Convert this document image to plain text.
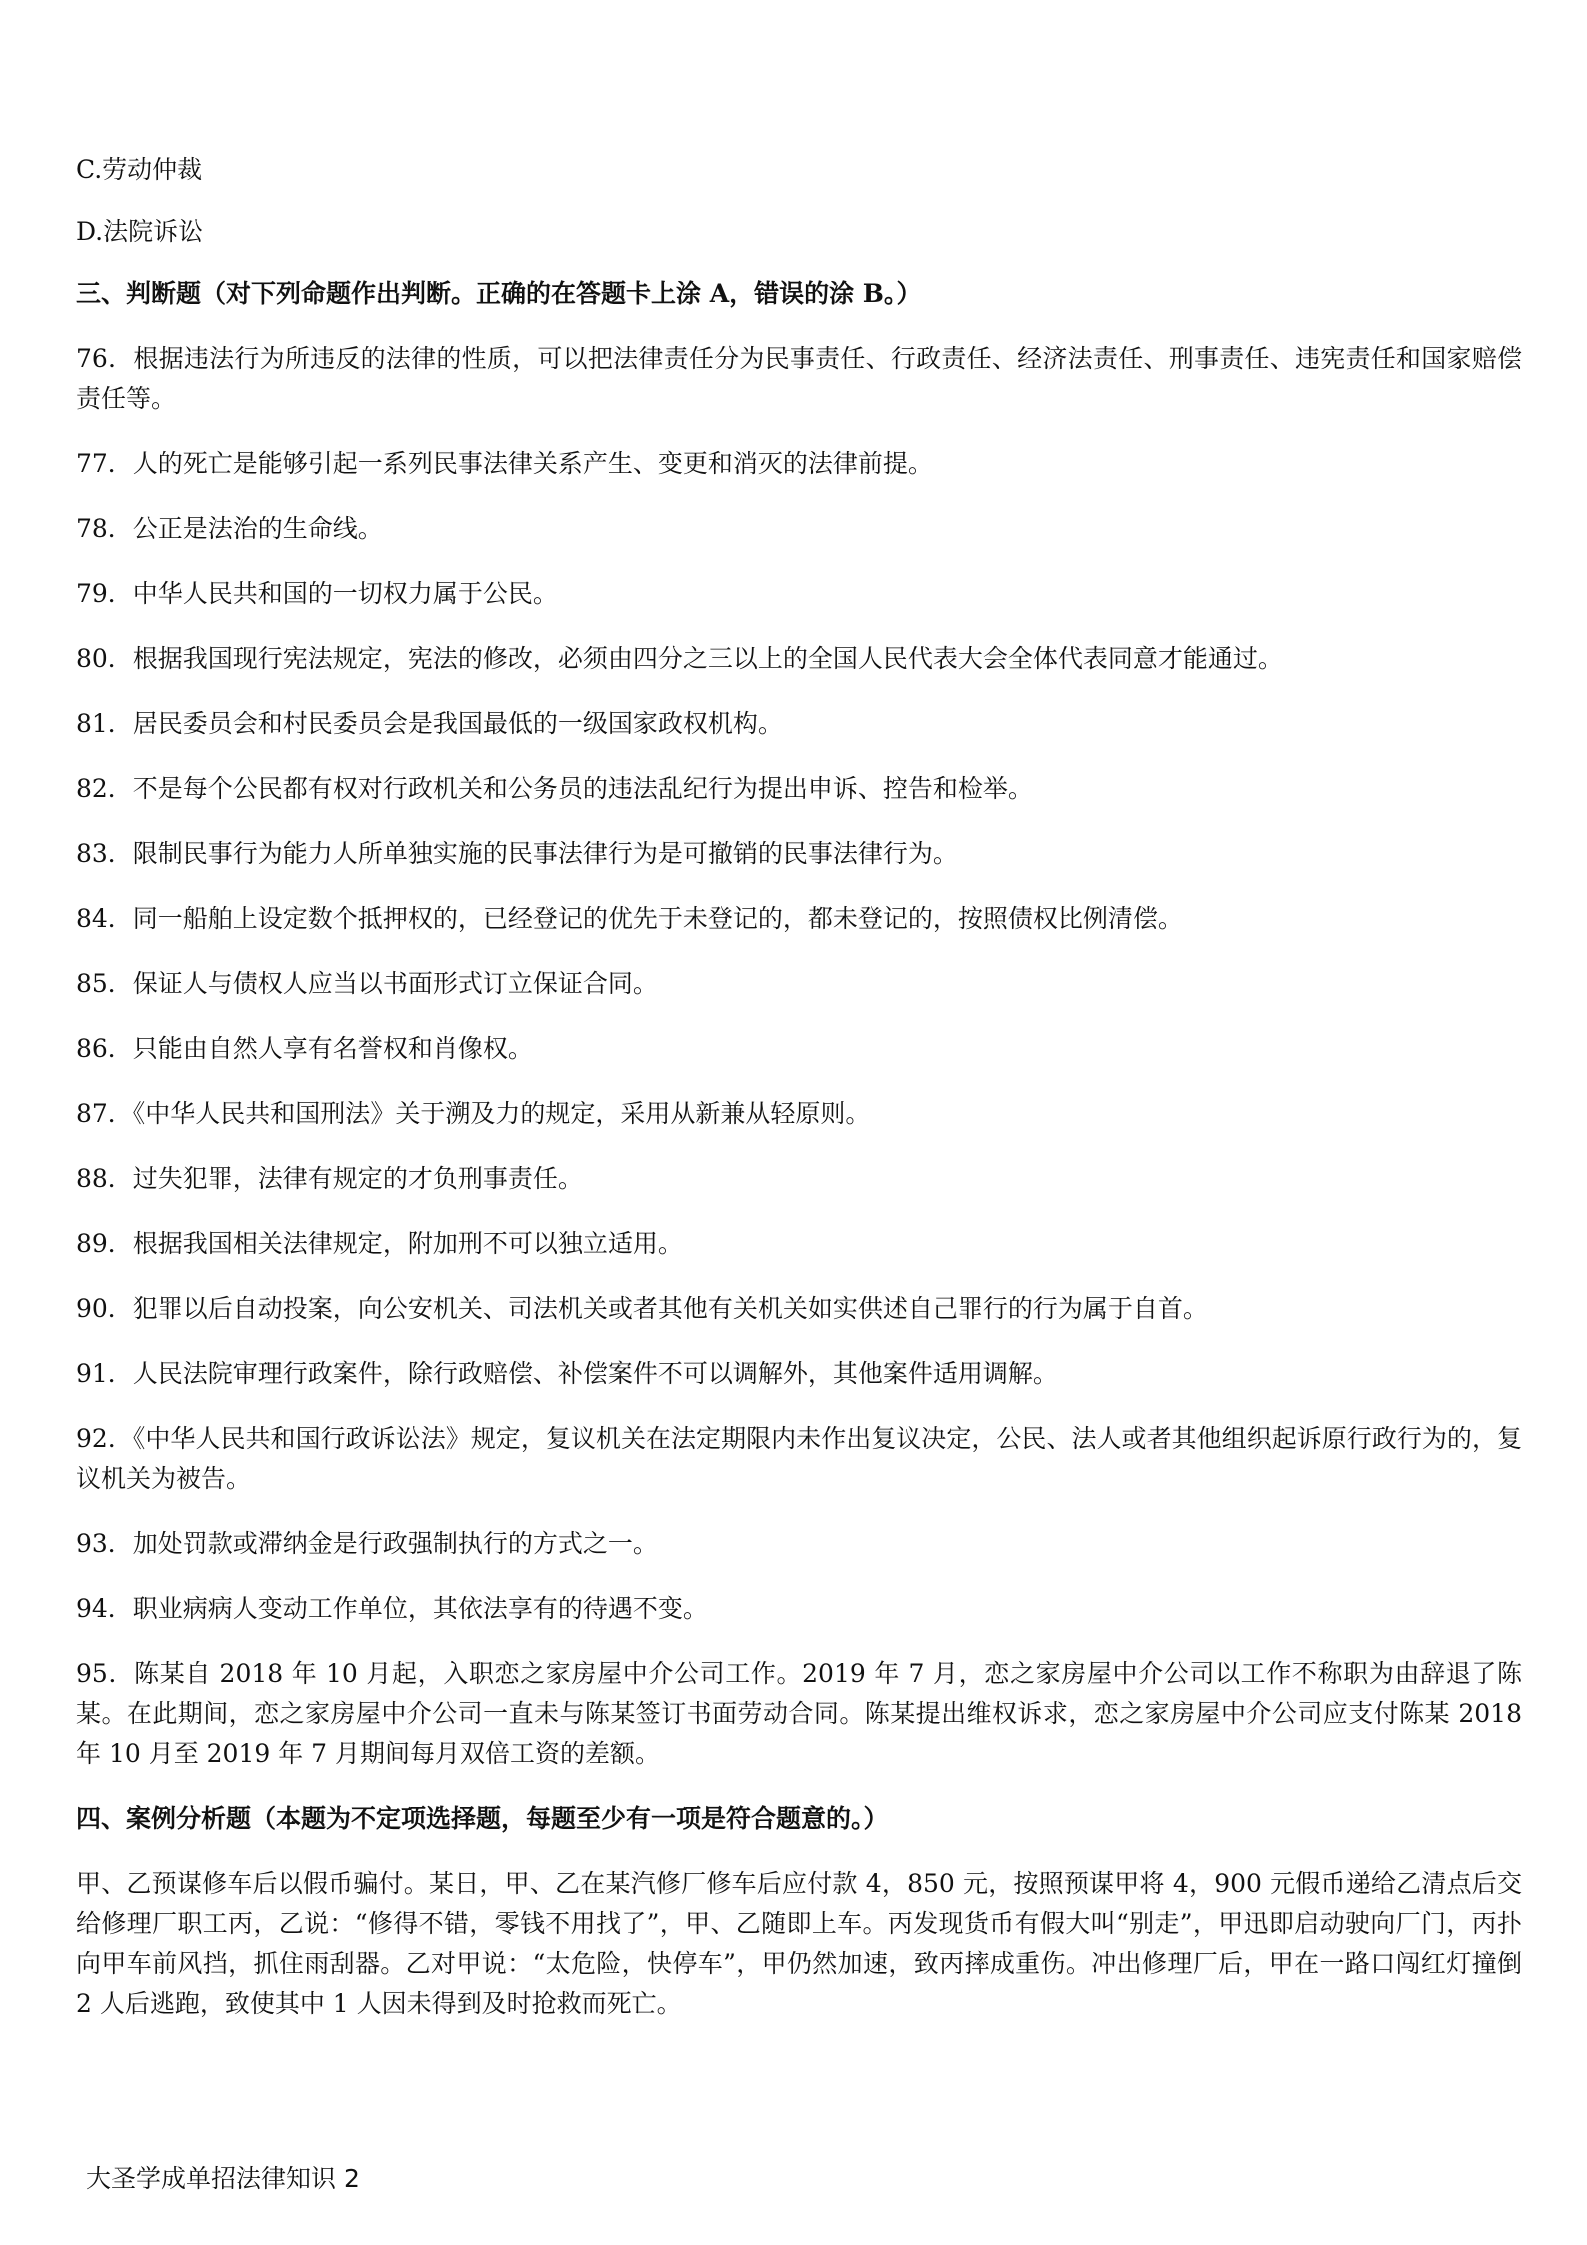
C.劳动仲裁

D.法院诉讼

三、判断题（对下列命题作出判断。正确的在答题卡上涂 A，错误的涂 B。）

76．根据违法行为所违反的法律的性质，可以把法律责任分为民事责任、行政责任、经济法责任、刑事责任、违宪责任和国家赔偿责任等。

77．人的死亡是能够引起一系列民事法律关系产生、变更和消灭的法律前提。

78．公正是法治的生命线。

79．中华人民共和国的一切权力属于公民。

80．根据我国现行宪法规定，宪法的修改，必须由四分之三以上的全国人民代表大会全体代表同意才能通过。

81．居民委员会和村民委员会是我国最低的一级国家政权机构。

82．不是每个公民都有权对行政机关和公务员的违法乱纪行为提出申诉、控告和检举。

83．限制民事行为能力人所单独实施的民事法律行为是可撤销的民事法律行为。

84．同一船舶上设定数个抵押权的，已经登记的优先于未登记的，都未登记的，按照债权比例清偿。

85．保证人与债权人应当以书面形式订立保证合同。

86．只能由自然人享有名誉权和肖像权。

87．《中华人民共和国刑法》关于溯及力的规定，采用从新兼从轻原则。

88．过失犯罪，法律有规定的才负刑事责任。

89．根据我国相关法律规定，附加刑不可以独立适用。

90．犯罪以后自动投案，向公安机关、司法机关或者其他有关机关如实供述自己罪行的行为属于自首。

91．人民法院审理行政案件，除行政赔偿、补偿案件不可以调解外，其他案件适用调解。

92．《中华人民共和国行政诉讼法》规定，复议机关在法定期限内未作出复议决定，公民、法人或者其他组织起诉原行政行为的，复议机关为被告。

93．加处罚款或滞纳金是行政强制执行的方式之一。

94．职业病病人变动工作单位，其依法享有的待遇不变。

95．陈某自 2018 年 10 月起，入职恋之家房屋中介公司工作。2019 年 7 月，恋之家房屋中介公司以工作不称职为由辞退了陈某。在此期间，恋之家房屋中介公司一直未与陈某签订书面劳动合同。陈某提出维权诉求，恋之家房屋中介公司应支付陈某 2018 年 10 月至 2019 年 7 月期间每月双倍工资的差额。

四、案例分析题（本题为不定项选择题，每题至少有一项是符合题意的。）

甲、乙预谋修车后以假币骗付。某日，甲、乙在某汽修厂修车后应付款 4，850 元，按照预谋甲将 4，900 元假币递给乙清点后交给修理厂职工丙，乙说：“修得不错，零钱不用找了”，甲、乙随即上车。丙发现货币有假大叫“别走”，甲迅即启动驶向厂门，丙扑向甲车前风挡，抓住雨刮器。乙对甲说：“太危险，快停车”，甲仍然加速，致丙摔成重伤。冲出修理厂后，甲在一路口闯红灯撞倒 2 人后逃跑，致使其中 1 人因未得到及时抢救而死亡。

大圣学成单招法律知识 2
